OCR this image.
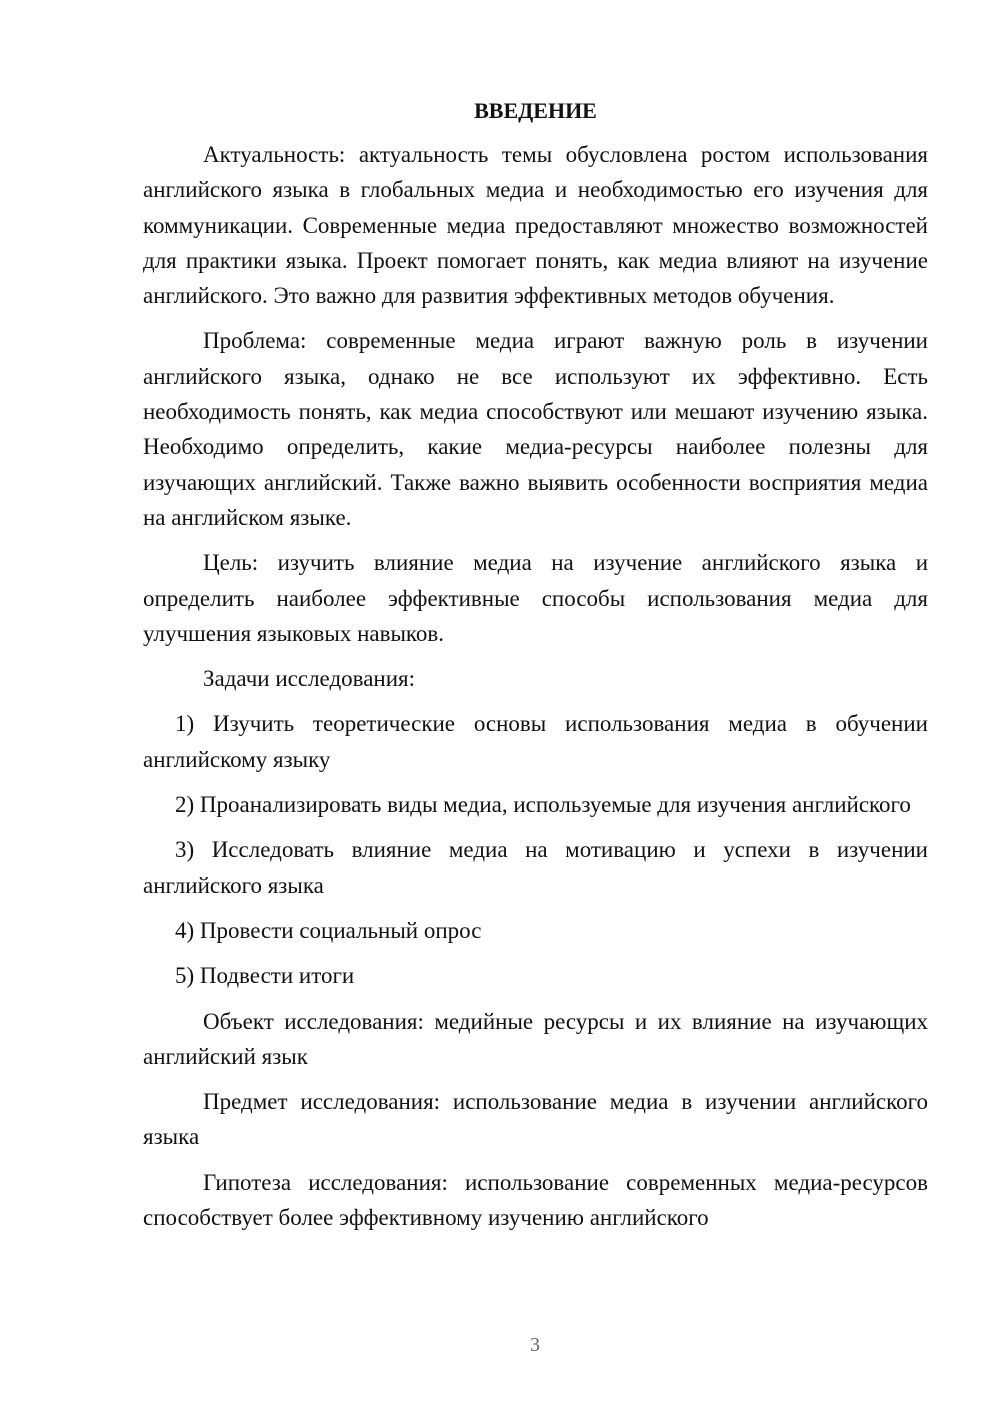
ВВЕДЕНИЕ

Актуальность: актуальность темы обусловлена ростом использования английского языка в глобальных медиа и необходимостью его изучения для коммуникации. Современные медиа предоставляют множество возможностей для практики языка. Проект помогает понять, как медиа влияют на изучение английского. Это важно для развития эффективных методов обучения.

Проблема: современные медиа играют важную роль в изучении английского языка, однако не все используют их эффективно. Есть необходимость понять, как медиа способствуют или мешают изучению языка. Необходимо определить, какие медиа-ресурсы наиболее полезны для изучающих английский. Также важно выявить особенности восприятия медиа на английском языке.

Цель: изучить влияние медиа на изучение английского языка и определить наиболее эффективные способы использования медиа для улучшения языковых навыков.

Задачи исследования:

1) Изучить теоретические основы использования медиа в обучении английскому языку

2) Проанализировать виды медиа, используемые для изучения английского

3) Исследовать влияние медиа на мотивацию и успехи в изучении английского языка

4) Провести социальный опрос

5) Подвести итоги

Объект исследования: медийные ресурсы и их влияние на изучающих английский язык

Предмет исследования: использование медиа в изучении английского языка

Гипотеза исследования: использование современных медиа-ресурсов способствует более эффективному изучению английского

3
